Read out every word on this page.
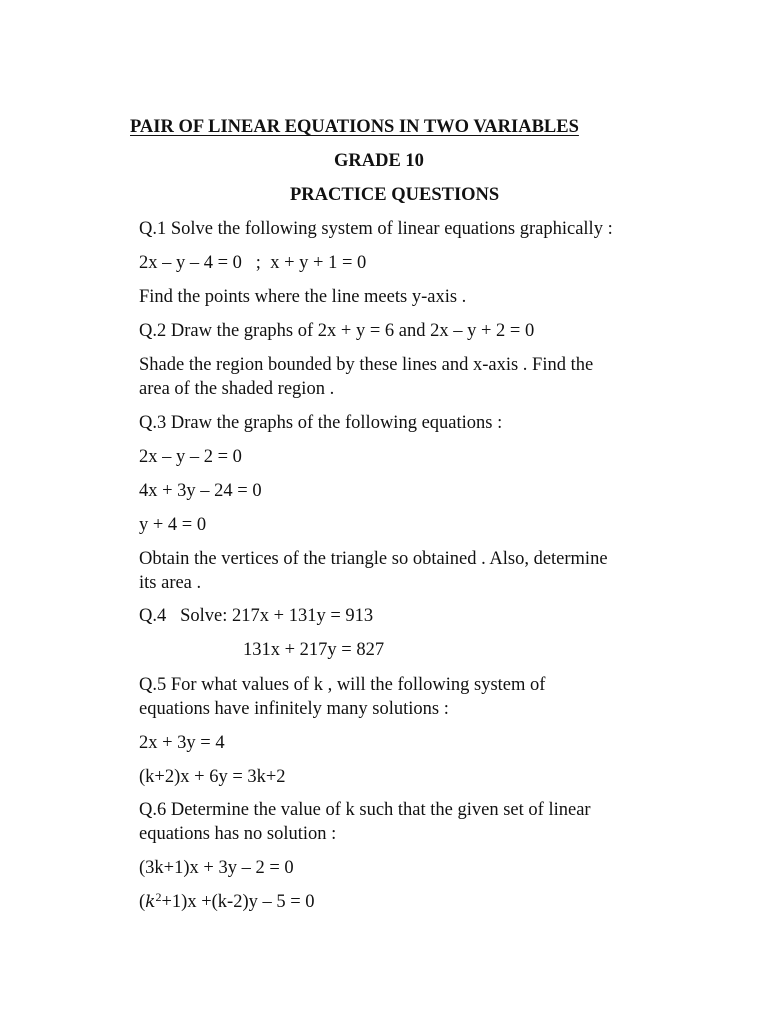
PAIR OF LINEAR EQUATIONS IN TWO VARIABLES
GRADE 10
PRACTICE QUESTIONS
Q.1 Solve the following system of linear equations graphically :
2x – y – 4 = 0   ;  x + y + 1 = 0
Find the points where the line meets y-axis .
Q.2 Draw the graphs of 2x + y = 6 and 2x – y + 2 = 0
Shade the region bounded by these lines and x-axis . Find the
area of the shaded region .
Q.3 Draw the graphs of the following equations :
2x – y – 2 = 0
4x + 3y – 24 = 0
y + 4 = 0
Obtain the vertices of the triangle so obtained . Also, determine
its area .
Q.4   Solve: 217x + 131y = 913
131x + 217y = 827
Q.5 For what values of k , will the following system of
equations have infinitely many solutions :
2x + 3y = 4
(k+2)x + 6y = 3k+2
Q.6 Determine the value of k such that the given set of linear
equations has no solution :
(3k+1)x + 3y – 2 = 0
$(k^2+1)x +(k-2)y - 5 = 0$
